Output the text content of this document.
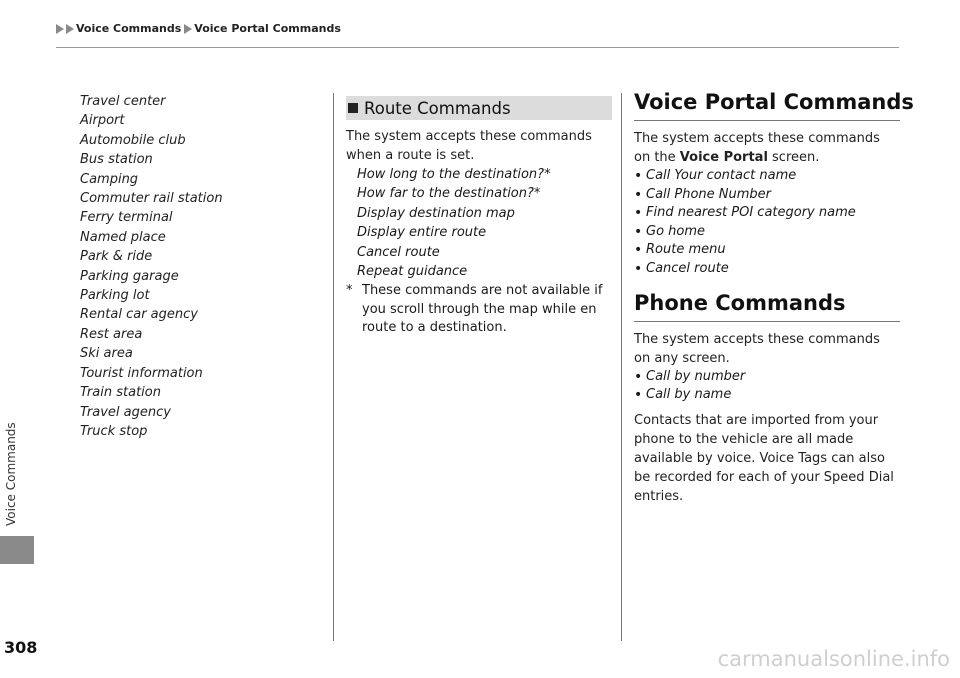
Voice Commands Voice Portal Commands
Voice Commands
308
Travel center
Airport
Automobile club
Bus station
Camping
Commuter rail station
Ferry terminal
Named place
Park & ride
Parking garage
Parking lot
Rental car agency
Rest area
Ski area
Tourist information
Train station
Travel agency
Truck stop
Route Commands
The system accepts these commands when a route is set.
How long to the destination?*
How far to the destination?*
Display destination map
Display entire route
Cancel route
Repeat guidance
* These commands are not available if you scroll through the map while en route to a destination.
Voice Portal Commands
The system accepts these commands on the Voice Portal screen.
• Call Your contact name
• Call Phone Number
• Find nearest POI category name
• Go home
• Route menu
• Cancel route
Phone Commands
The system accepts these commands on any screen.
• Call by number
• Call by name
Contacts that are imported from your phone to the vehicle are all made available by voice. Voice Tags can also be recorded for each of your Speed Dial entries.
carmanualsonline.info
